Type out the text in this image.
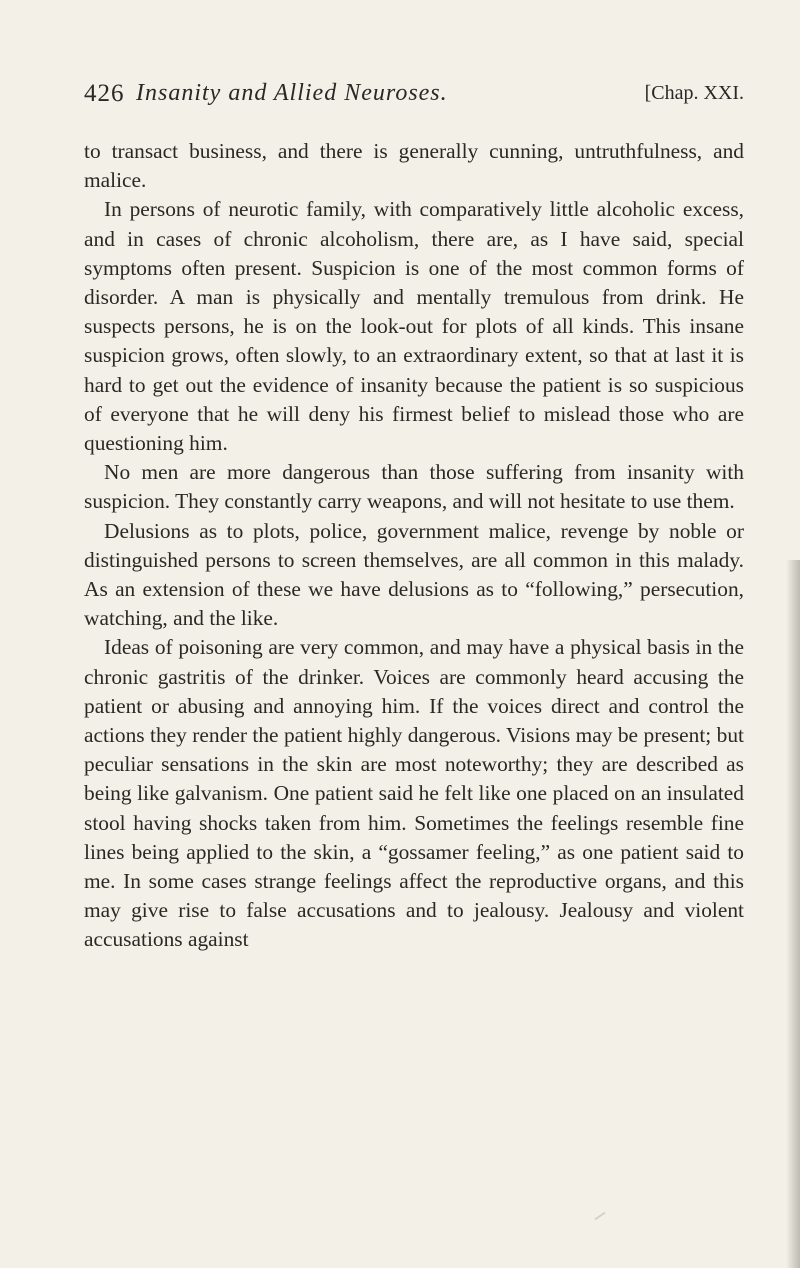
426 Insanity and Allied Neuroses.	[Chap. XXI.

to transact business, and there is generally cunning, untruthfulness, and malice.

In persons of neurotic family, with comparatively little alcoholic excess, and in cases of chronic alcoholism, there are, as I have said, special symptoms often present. Suspicion is one of the most common forms of disorder. A man is physically and mentally tremulous from drink. He suspects persons, he is on the look-out for plots of all kinds. This insane suspicion grows, often slowly, to an extraordinary extent, so that at last it is hard to get out the evidence of insanity because the patient is so suspicious of everyone that he will deny his firmest belief to mislead those who are questioning him.

No men are more dangerous than those suffering from insanity with suspicion. They constantly carry weapons, and will not hesitate to use them.

Delusions as to plots, police, government malice, revenge by noble or distinguished persons to screen themselves, are all common in this malady. As an extension of these we have delusions as to “following,” persecution, watching, and the like.

Ideas of poisoning are very common, and may have a physical basis in the chronic gastritis of the drinker. Voices are commonly heard accusing the patient or abusing and annoying him. If the voices direct and control the actions they render the patient highly dangerous. Visions may be present; but peculiar sensations in the skin are most noteworthy; they are described as being like galvanism. One patient said he felt like one placed on an insulated stool having shocks taken from him. Sometimes the feelings resemble fine lines being applied to the skin, a “gossamer feeling,” as one patient said to me. In some cases strange feelings affect the reproductive organs, and this may give rise to false accusations and to jealousy. Jealousy and violent accusations against
